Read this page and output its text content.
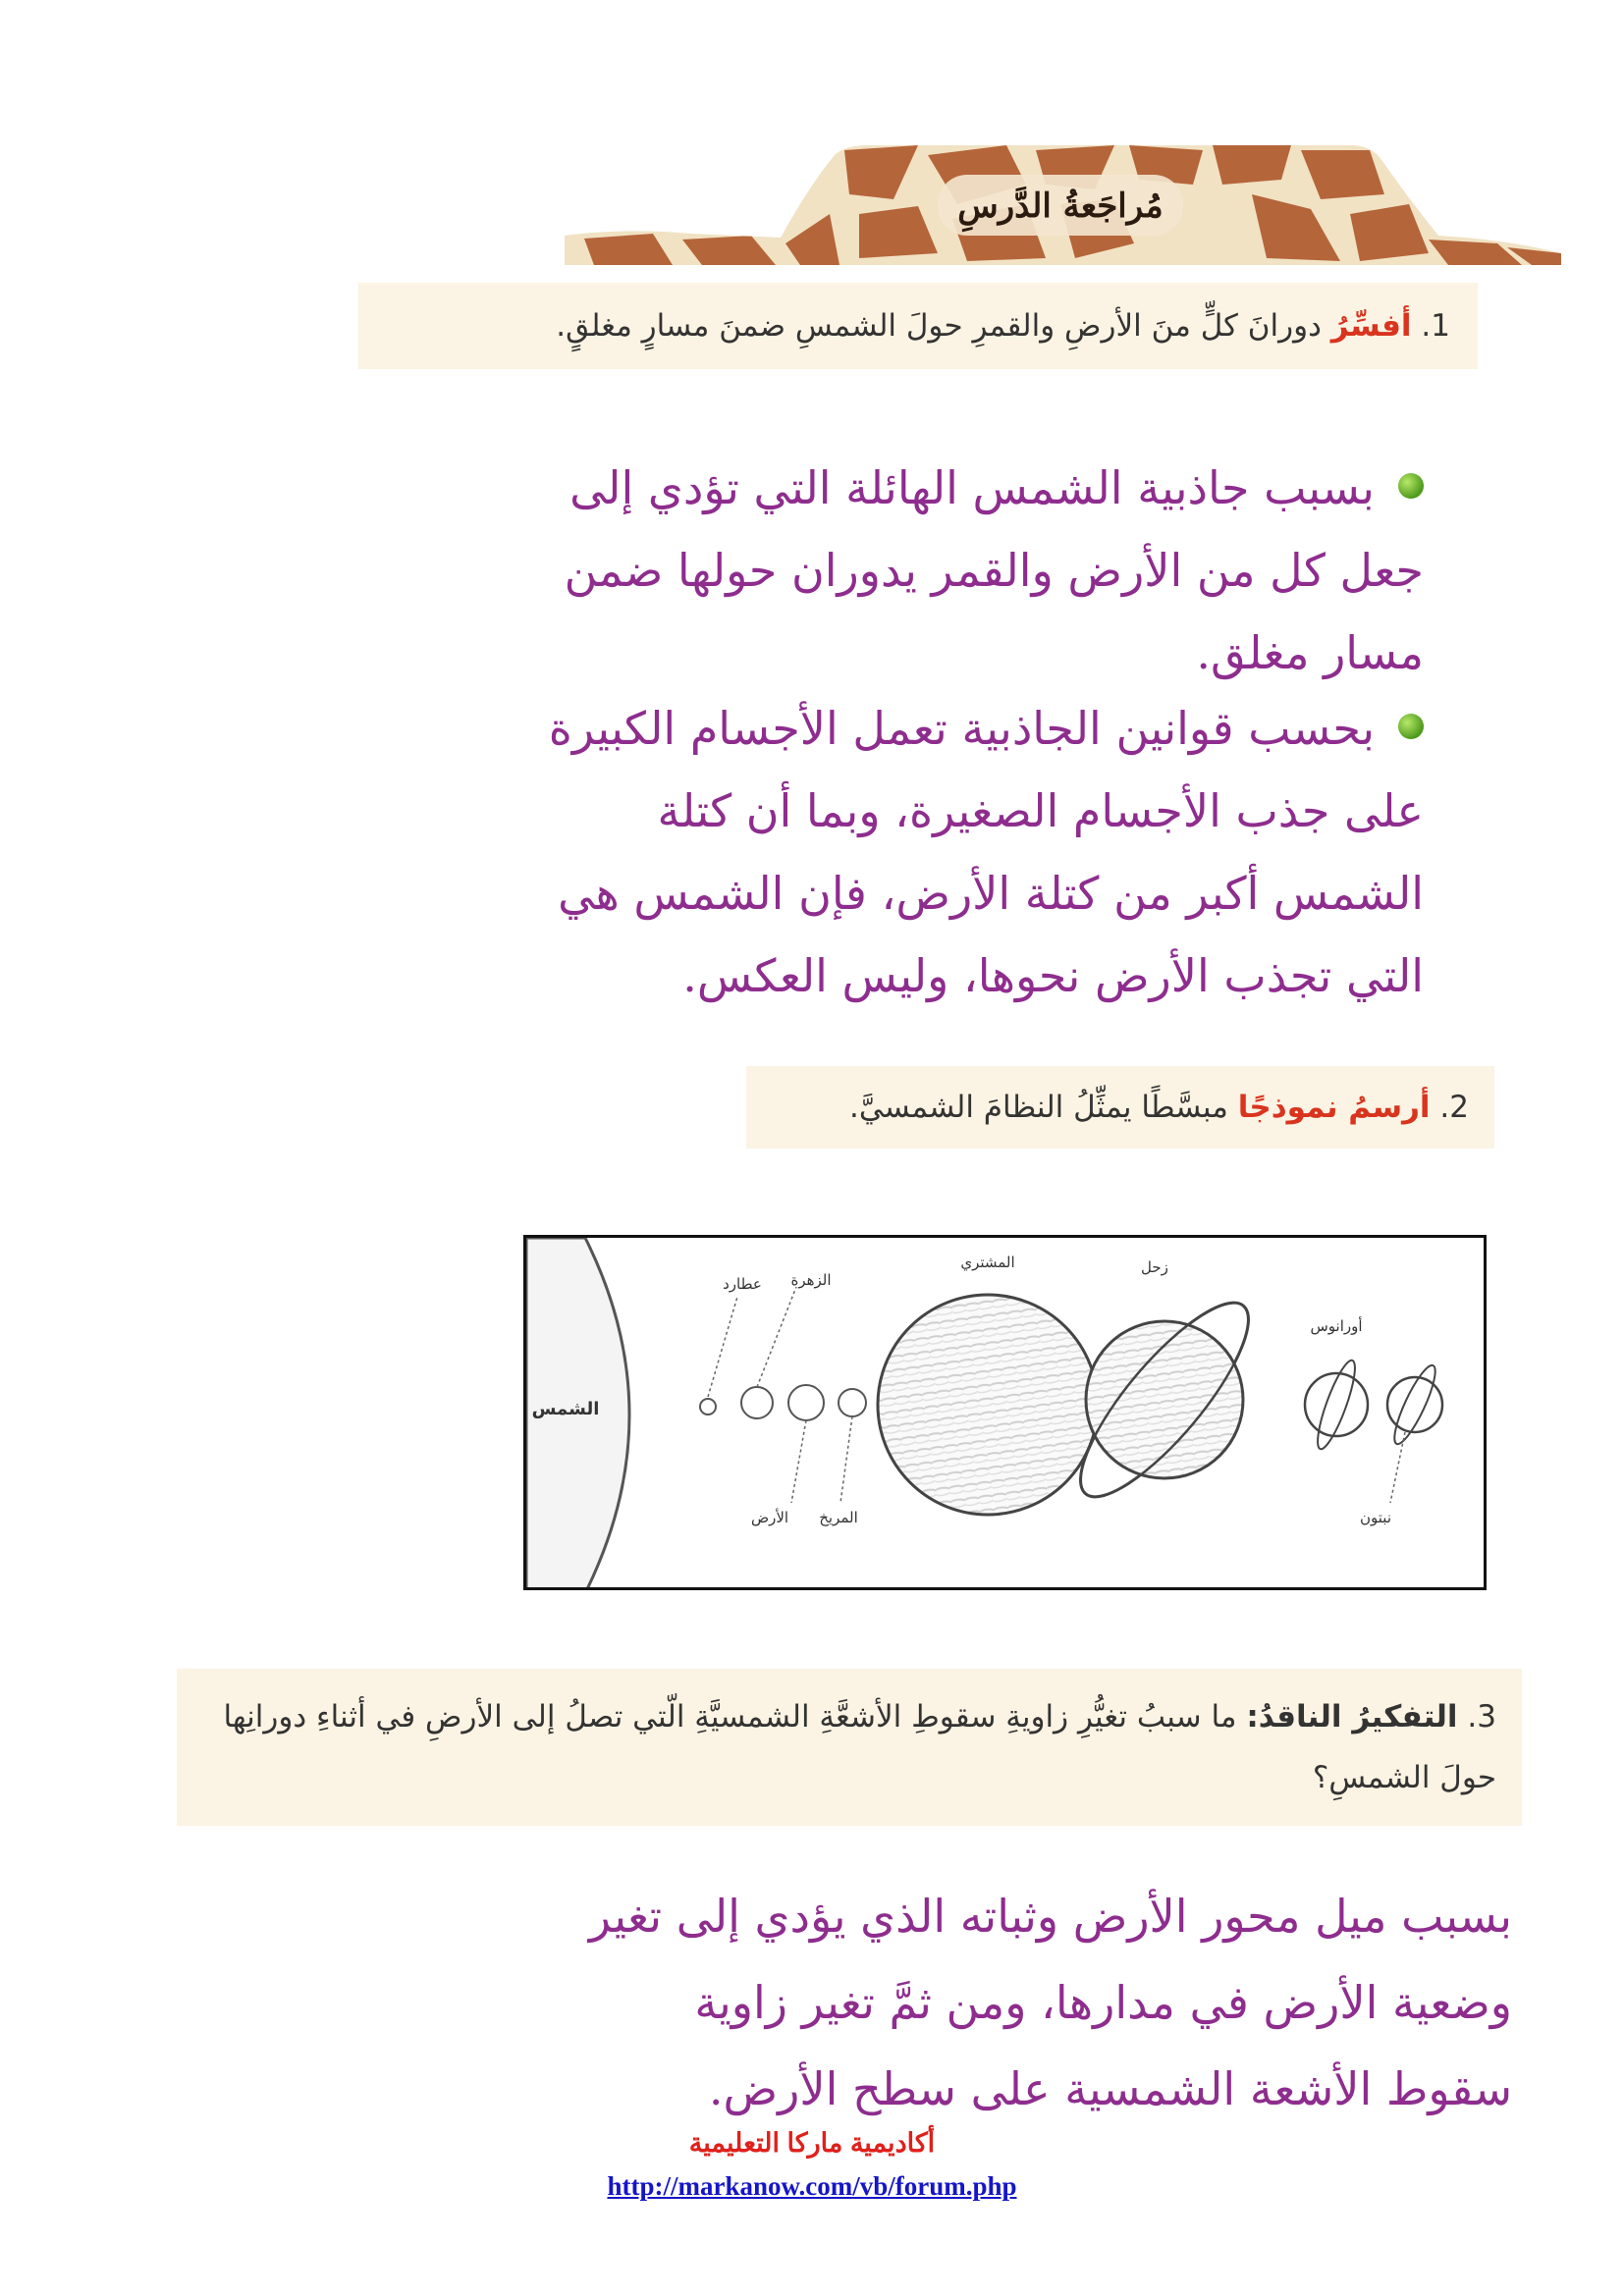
مُراجَعةُ الدَّرسِ
1. أفسِّرُ دورانَ كلٍّ منَ الأرضِ والقمرِ حولَ الشمسِ ضمنَ مسارٍ مغلقٍ.
بسبب جاذبية الشمس الهائلة التي تؤدي إلى جعل كل من الأرض والقمر يدوران حولها ضمن مسار مغلق.
بحسب قوانين الجاذبية تعمل الأجسام الكبيرة على جذب الأجسام الصغيرة، وبما أن كتلة الشمس أكبر من كتلة الأرض، فإن الشمس هي التي تجذب الأرض نحوها، وليس العكس.
2. أرسمُ نموذجًا مبسَّطًا يمثِّلُ النظامَ الشمسيَّ.
الشمس
عطارد الزهرة
الأرض المريخ
المشتري	زحل
أورانوس
نبتون
3. التفكيرُ الناقدُ: ما سببُ تغيُّرِ زاويةِ سقوطِ الأشعَّةِ الشمسيَّةِ الّتي تصلُ إلى الأرضِ في أثناءِ دورانِها حولَ الشمسِ؟
بسبب ميل محور الأرض وثباته الذي يؤدي إلى تغير وضعية الأرض في مدارها، ومن ثمَّ تغير زاوية سقوط الأشعة الشمسية على سطح الأرض.
أكاديمية ماركا التعليمية
http://markanow.com/vb/forum.php
